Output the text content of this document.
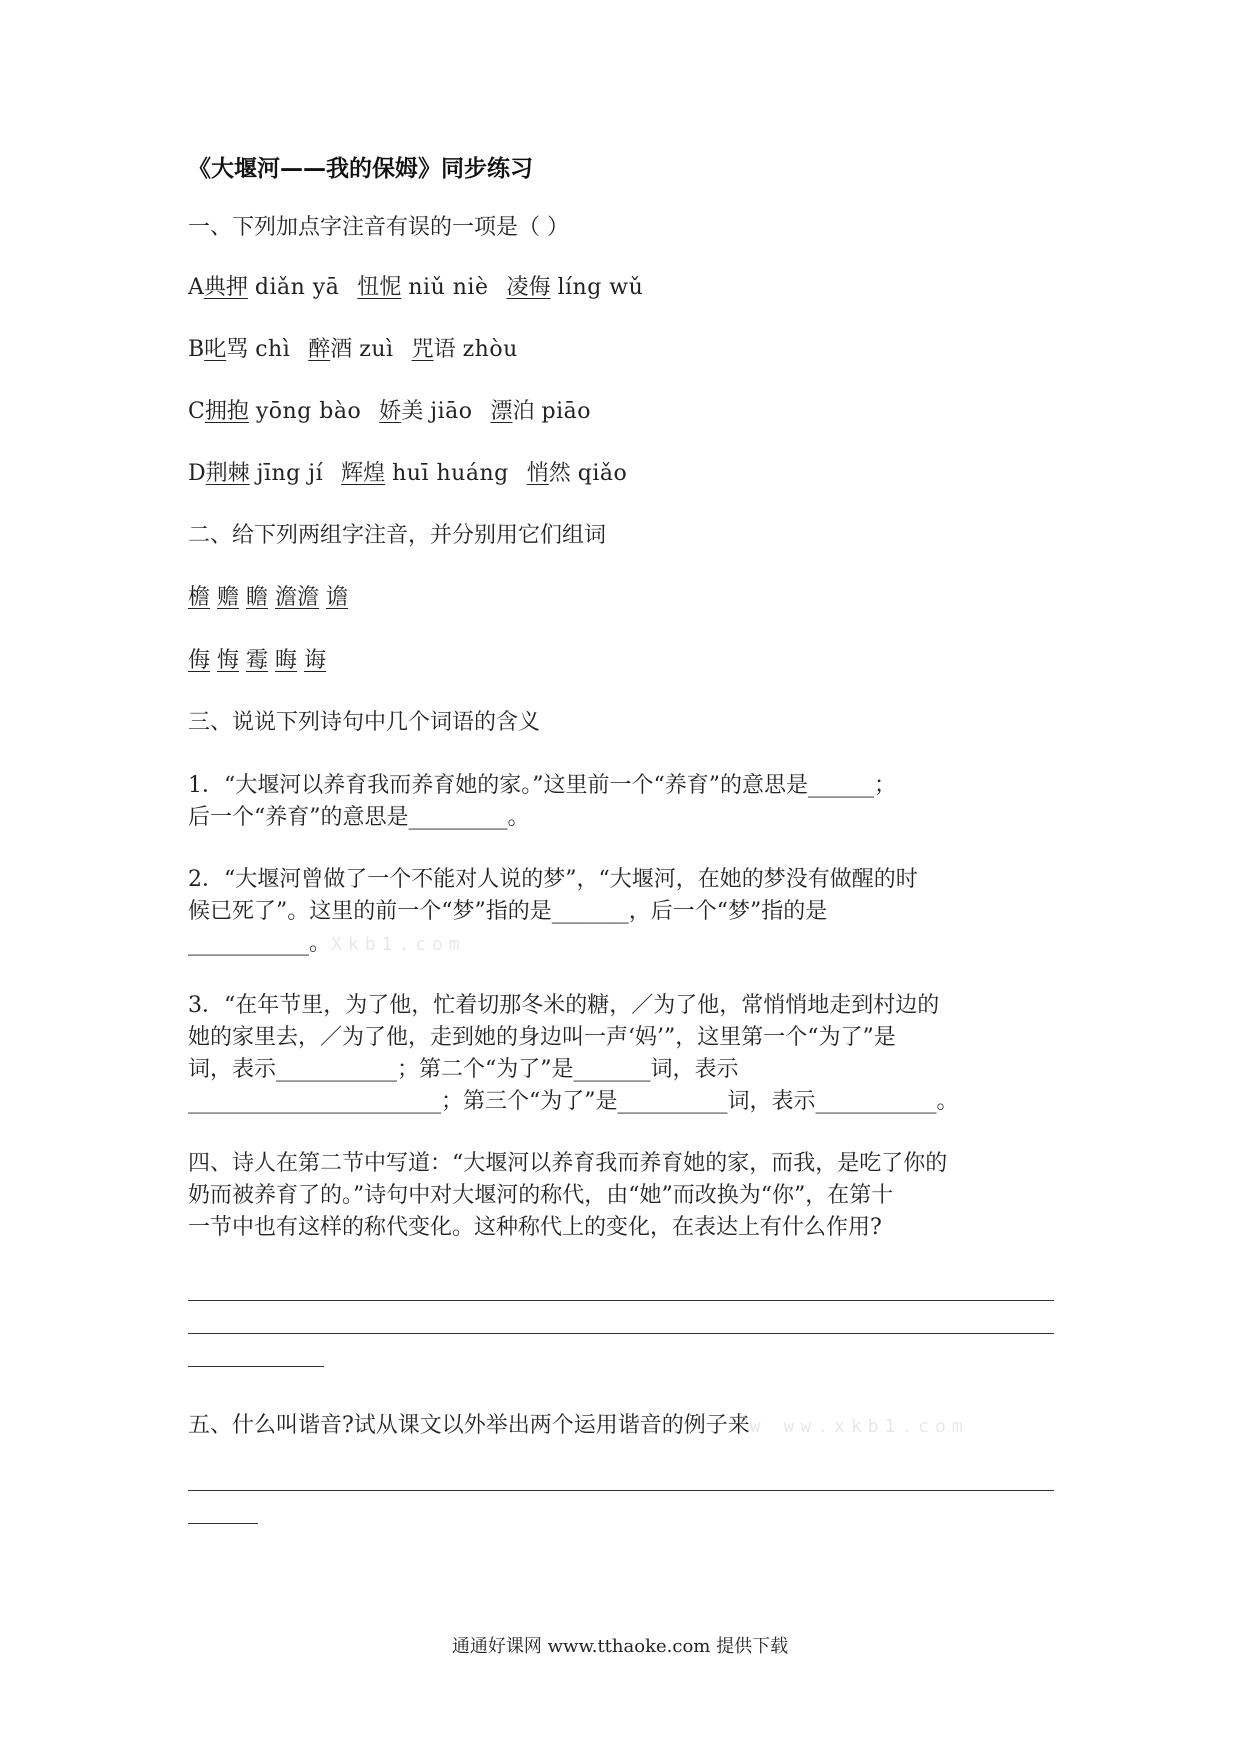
《大堰河——我的保姆》同步练习
一、下列加点字注音有误的一项是（ ）
A典押 diǎn yā 忸怩 niǔ niè 凌侮 líng wǔ
B叱骂 chì 醉酒 zuì 咒语 zhòu
C拥抱 yōng bào 娇美 jiāo 漂泊 piāo
D荆棘 jīng jí 辉煌 huī huáng 悄然 qiǎo
二、给下列两组字注音，并分别用它们组词
檐 赡 瞻 澹澹 谵
侮 悔 霉 晦 诲
三、说说下列诗句中几个词语的含义
1．“大堰河以养育我而养育她的家。”这里前一个“养育”的意思是______；
后一个“养育”的意思是_________。
2．“大堰河曾做了一个不能对人说的梦”，“大堰河，在她的梦没有做醒的时
候已死了”。这里的前一个“梦”指的是_______，后一个“梦”指的是
___________。Xkb1.com
3．“在年节里，为了他，忙着切那冬米的糖，／为了他，常悄悄地走到村边的
她的家里去，／为了他，走到她的身边叫一声‘妈’”，这里第一个“为了”是
词，表示___________；第二个“为了”是_______词，表示
_______________________；第三个“为了”是__________词，表示___________。
四、诗人在第二节中写道：“大堰河以养育我而养育她的家，而我，是吃了你的
奶而被养育了的。”诗句中对大堰河的称代，由“她”而改换为“你”，在第十
一节中也有这样的称代变化。这种称代上的变化，在表达上有什么作用?
五、什么叫谐音?试从课文以外举出两个运用谐音的例子来w ww.xkb1.com
通通好课网 www.tthaoke.com 提供下载
